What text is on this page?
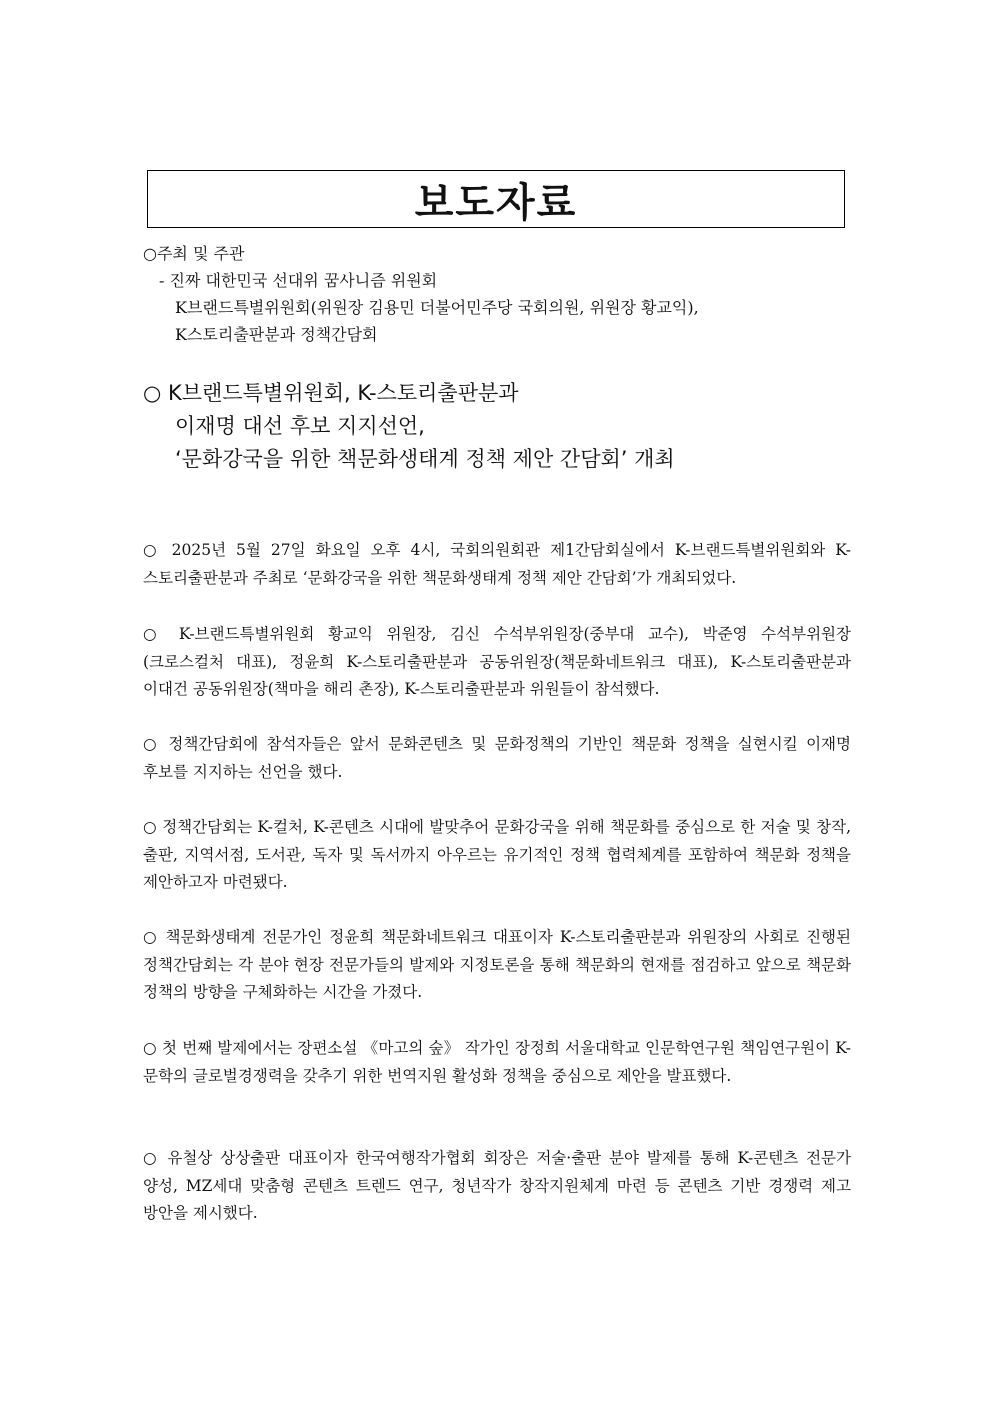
보도자료
○주최 및 주관
- 진짜 대한민국 선대위 꿈사니즘 위원회
K브랜드특별위원회(위원장 김용민 더불어민주당 국회의원, 위원장 황교익),
K스토리출판분과 정책간담회
○ K브랜드특별위원회, K-스토리출판분과
이재명 대선 후보 지지선언,
‘문화강국을 위한 책문화생태계 정책 제안 간담회’ 개최
○ 2025년 5월 27일 화요일 오후 4시, 국회의원회관 제1간담회실에서 K-브랜드특별위원회와 K-스토리출판분과 주최로 ‘문화강국을 위한 책문화생태계 정책 제안 간담회’가 개최되었다.
○ K-브랜드특별위원회 황교익 위원장, 김신 수석부위원장(중부대 교수), 박준영 수석부위원장(크로스컬처 대표), 정윤희 K-스토리출판분과 공동위원장(책문화네트워크 대표), K-스토리출판분과 이대건 공동위원장(책마을 해리 촌장), K-스토리출판분과 위원들이 참석했다.
○ 정책간담회에 참석자들은 앞서 문화콘텐츠 및 문화정책의 기반인 책문화 정책을 실현시킬 이재명 후보를 지지하는 선언을 했다.
○ 정책간담회는 K-컬처, K-콘텐츠 시대에 발맞추어 문화강국을 위해 책문화를 중심으로 한 저술 및 창작, 출판, 지역서점, 도서관, 독자 및 독서까지 아우르는 유기적인 정책 협력체계를 포함하여 책문화 정책을 제안하고자 마련됐다.
○ 책문화생태계 전문가인 정윤희 책문화네트워크 대표이자 K-스토리출판분과 위원장의 사회로 진행된 정책간담회는 각 분야 현장 전문가들의 발제와 지정토론을 통해 책문화의 현재를 점검하고 앞으로 책문화 정책의 방향을 구체화하는 시간을 가졌다.
○ 첫 번째 발제에서는 장편소설 《마고의 숲》 작가인 장정희 서울대학교 인문학연구원 책임연구원이 K-문학의 글로벌경쟁력을 갖추기 위한 번역지원 활성화 정책을 중심으로 제안을 발표했다.
○ 유철상 상상출판 대표이자 한국여행작가협회 회장은 저술·출판 분야 발제를 통해 K-콘텐츠 전문가 양성, MZ세대 맞춤형 콘텐츠 트렌드 연구, 청년작가 창작지원체계 마련 등 콘텐츠 기반 경쟁력 제고 방안을 제시했다.
